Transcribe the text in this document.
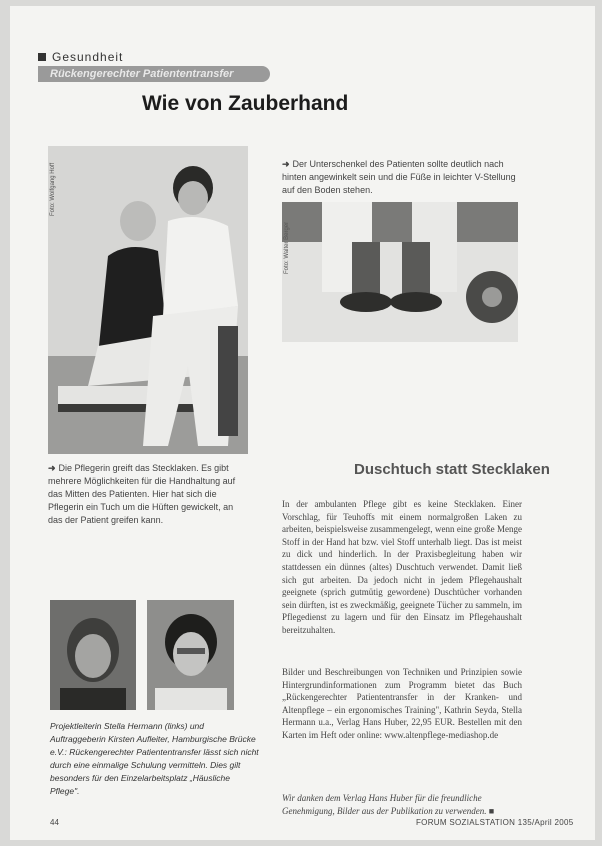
Gesundheit
Rückengerechter Patiententransfer
Wie von Zauberhand
Foto: Wolfgang Hoff
Foto: Walter Berger
➜ Der Unterschenkel des Patienten sollte deutlich nach hinten angewinkelt sein und die Füße in leichter V-Stellung auf den Boden stehen.
➜ Die Pflegerin greift das Stecklaken. Es gibt mehrere Möglichkeiten für die Handhaltung auf das Mitten des Patienten. Hier hat sich die Pflegerin ein Tuch um die Hüften gewickelt, an das der Patient greifen kann.
Duschtuch statt Stecklaken
In der ambulanten Pflege gibt es keine Stecklaken. Einer Vorschlag, für Teuhoffs mit einem normalgroßen Laken zu arbeiten, beispielsweise zusammengelegt, wenn eine große Menge Stoff in der Hand hat bzw. viel Stoff unterhalb liegt. Das ist meist zu dick und hinderlich. In der Praxisbegleitung haben wir stattdessen ein dünnes (altes) Duschtuch verwendet. Damit ließ sich gut arbeiten. Da jedoch nicht in jedem Pflegehaushalt geeignete (sprich gutmütig gewordene) Duschtücher vorhanden sein dürften, ist es zweckmäßig, geeignete Tücher zu sammeln, im Pflegedienst zu lagern und für den Einsatz im Pflegehaushalt bereitzuhalten.
Bilder und Beschreibungen von Techniken und Prinzipien sowie Hintergrundinformationen zum Programm bietet das Buch „Rückengerechter Patiententransfer in der Kranken- und Altenpflege – ein ergonomisches Training", Kathrin Seyda, Stella Hermann u.a., Verlag Hans Huber, 22,95 EUR. Bestellen mit den Karten im Heft oder online: www.altenpflege-mediashop.de
Wir danken dem Verlag Hans Huber für die freundliche Genehmigung, Bilder aus der Publikation zu verwenden. ■
Projektleiterin Stella Hermann (links) und Auftraggeberin Kirsten Aufleiter, Hamburgische Brücke e.V.: Rückengerechter Patiententransfer lässt sich nicht durch eine einmalige Schulung vermitteln. Dies gilt besonders für den Einzelarbeitsplatz „Häusliche Pflege".
44	FORUM SOZIALSTATION 135/April 2005
